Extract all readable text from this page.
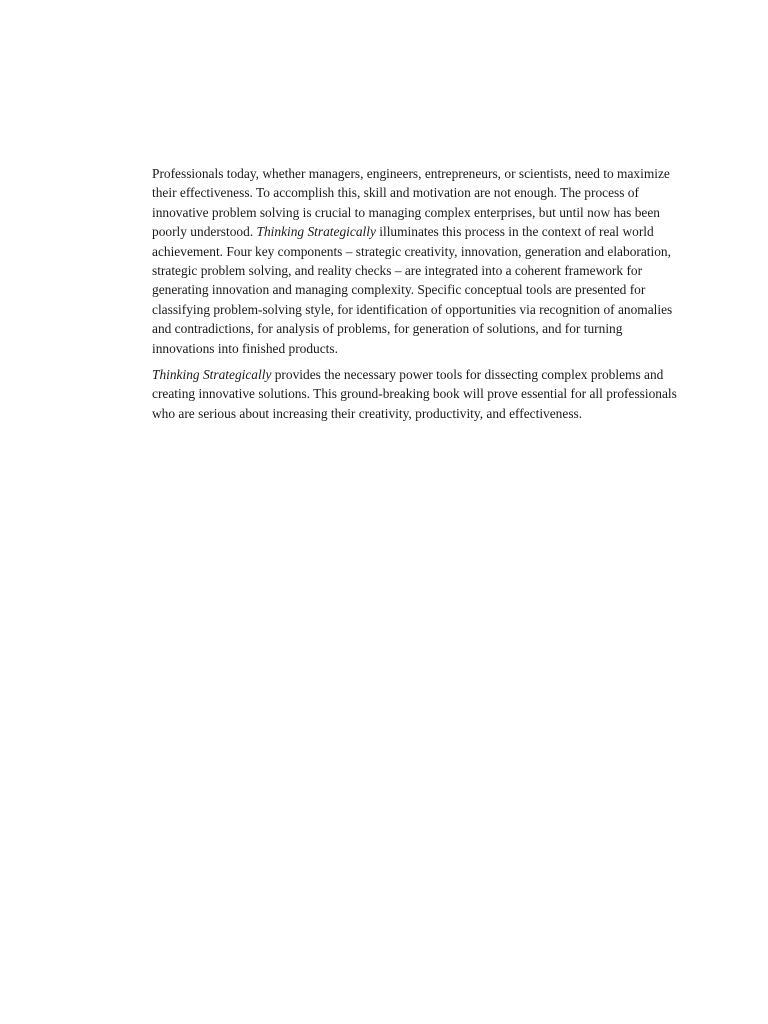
Professionals today, whether managers, engineers, entrepreneurs, or scientists, need to maximize their effectiveness. To accomplish this, skill and motivation are not enough. The process of innovative problem solving is crucial to managing complex enterprises, but until now has been poorly understood. Thinking Strategically illuminates this process in the context of real world achievement. Four key components – strategic creativity, innovation, generation and elaboration, strategic problem solving, and reality checks – are integrated into a coherent framework for generating innovation and managing complexity. Specific conceptual tools are presented for classifying problem-solving style, for identification of opportunities via recognition of anomalies and contradictions, for analysis of problems, for generation of solutions, and for turning innovations into finished products.

Thinking Strategically provides the necessary power tools for dissecting complex problems and creating innovative solutions. This ground-breaking book will prove essential for all professionals who are serious about increasing their creativity, productivity, and effectiveness.
